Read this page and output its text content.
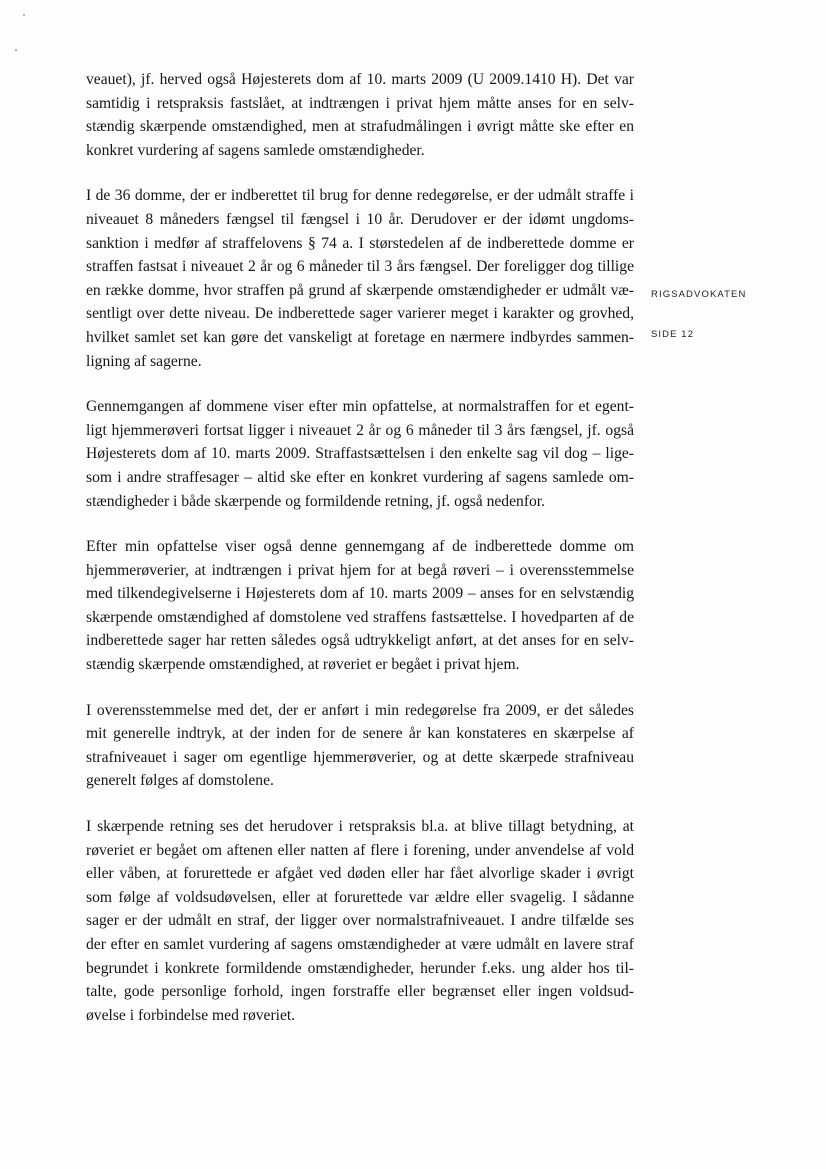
veauet), jf. herved også Højesterets dom af 10. marts 2009 (U 2009.1410 H). Det var
samtidig i retspraksis fastslået, at indtrængen i privat hjem måtte anses for en selv-
stændig skærpende omstændighed, men at strafudmålingen i øvrigt måtte ske efter en
konkret vurdering af sagens samlede omstændigheder.

I de 36 domme, der er indberettet til brug for denne redegørelse, er der udmålt straffe i
niveauet 8 måneders fængsel til fængsel i 10 år. Derudover er der idømt ungdoms-
sanktion i medfør af straffelovens § 74 a. I størstedelen af de indberettede domme er
straffen fastsat i niveauet 2 år og 6 måneder til 3 års fængsel. Der foreligger dog tillige
en række domme, hvor straffen på grund af skærpende omstændigheder er udmålt væ-
sentligt over dette niveau. De indberettede sager varierer meget i karakter og grovhed,
hvilket samlet set kan gøre det vanskeligt at foretage en nærmere indbyrdes sammen-
ligning af sagerne.

Gennemgangen af dommene viser efter min opfattelse, at normalstraffen for et egent-
ligt hjemmerøveri fortsat ligger i niveauet 2 år og 6 måneder til 3 års fængsel, jf. også
Højesterets dom af 10. marts 2009. Straffastsættelsen i den enkelte sag vil dog – lige-
som i andre straffesager – altid ske efter en konkret vurdering af sagens samlede om-
stændigheder i både skærpende og formildende retning, jf. også nedenfor.

Efter min opfattelse viser også denne gennemgang af de indberettede domme om
hjemmerøverier, at indtrængen i privat hjem for at begå røveri – i overensstemmelse
med tilkendegivelserne i Højesterets dom af 10. marts 2009 – anses for en selvstændig
skærpende omstændighed af domstolene ved straffens fastsættelse. I hovedparten af de
indberettede sager har retten således også udtrykkeligt anført, at det anses for en selv-
stændig skærpende omstændighed, at røveriet er begået i privat hjem.

I overensstemmelse med det, der er anført i min redegørelse fra 2009, er det således
mit generelle indtryk, at der inden for de senere år kan konstateres en skærpelse af
strafniveauet i sager om egentlige hjemmerøverier, og at dette skærpede strafniveau
generelt følges af domstolene.

I skærpende retning ses det herudover i retspraksis bl.a. at blive tillagt betydning, at
røveriet er begået om aftenen eller natten af flere i forening, under anvendelse af vold
eller våben, at forurettede er afgået ved døden eller har fået alvorlige skader i øvrigt
som følge af voldsudøvelsen, eller at forurettede var ældre eller svagelig. I sådanne
sager er der udmålt en straf, der ligger over normalstrafniveauet. I andre tilfælde ses
der efter en samlet vurdering af sagens omstændigheder at være udmålt en lavere straf
begrundet i konkrete formildende omstændigheder, herunder f.eks. ung alder hos til-
talte, gode personlige forhold, ingen forstraffe eller begrænset eller ingen voldsud-
øvelse i forbindelse med røveriet.

RIGSADVOKATEN
SIDE 12
